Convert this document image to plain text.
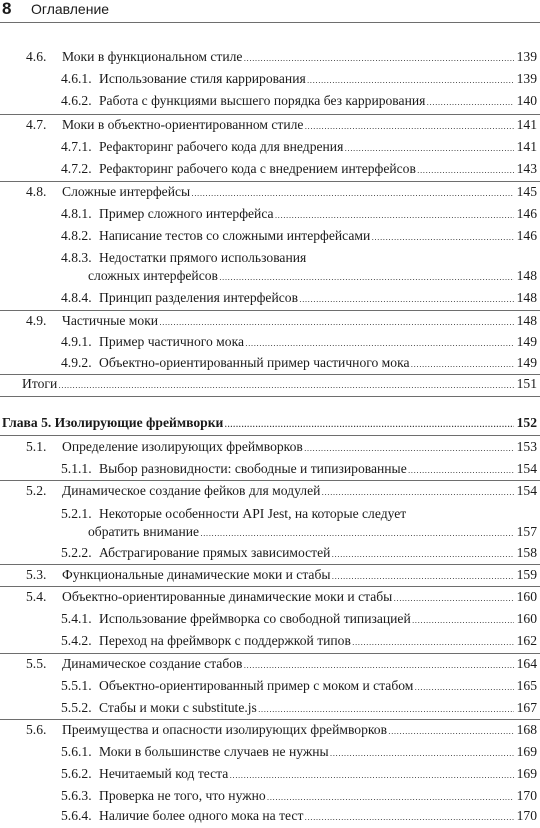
8 Оглавление
4.6. Моки в функциональном стиле . . .	139
4.6.1. Использование стиля каррирования . . .	139
4.6.2. Работа с функциями высшего порядка без каррирования . . .	140
4.7. Моки в объектно-ориентированном стиле . . .	141
4.7.1. Рефакторинг рабочего кода для внедрения . . .	141
4.7.2. Рефакторинг рабочего кода с внедрением интерфейсов . . .	143
4.8. Сложные интерфейсы . . .	145
4.8.1. Пример сложного интерфейса . . .	146
4.8.2. Написание тестов со сложными интерфейсами . . .	146
4.8.3. Недостатки прямого использования
сложных интерфейсов . . .	148
4.8.4. Принцип разделения интерфейсов . . .	148
4.9. Частичные моки . . .	148
4.9.1. Пример частичного мока . . .	149
4.9.2. Объектно-ориентированный пример частичного мока . . .	149
Итоги . . .	151
Глава 5. Изолирующие фреймворки . . .	152
5.1. Определение изолирующих фреймворков . . .	153
5.1.1. Выбор разновидности: свободные и типизированные . . .	154
5.2. Динамическое создание фейков для модулей . . .	154
5.2.1. Некоторые особенности API Jest, на которые следует
обратить внимание . . .	157
5.2.2. Абстрагирование прямых зависимостей . . .	158
5.3. Функциональные динамические моки и стабы . . .	159
5.4. Объектно-ориентированные динамические моки и стабы . . .	160
5.4.1. Использование фреймворка со свободной типизацией . . .	160
5.4.2. Переход на фреймворк с поддержкой типов . . .	162
5.5. Динамическое создание стабов . . .	164
5.5.1. Объектно-ориентированный пример с моком и стабом . . .	165
5.5.2. Стабы и моки с substitute.js . . .	167
5.6. Преимущества и опасности изолирующих фреймворков . . .	168
5.6.1. Моки в большинстве случаев не нужны . . .	169
5.6.2. Нечитаемый код теста . . .	169
5.6.3. Проверка не того, что нужно . . .	170
5.6.4. Наличие более одного мока на тест . . .	170
